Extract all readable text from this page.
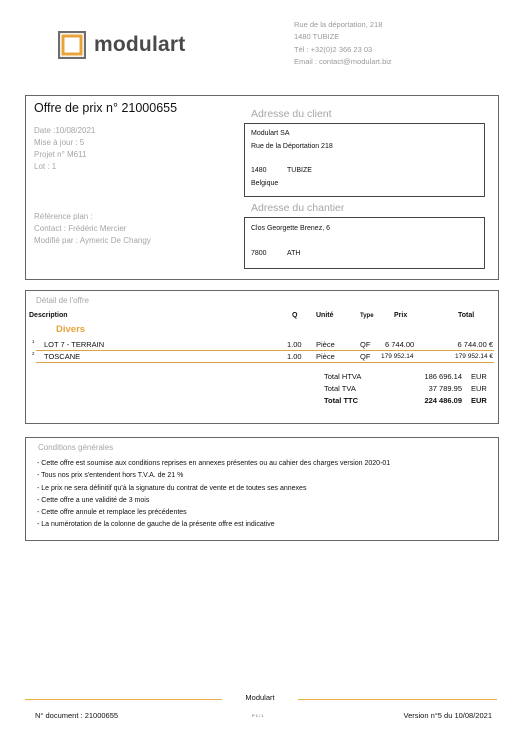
modulart
Rue de la déportation, 218
1480 TUBIZE
Tél : +32(0)2 366 23 03
Email : contact@modulart.biz
Offre de prix n° 21000655
Date :10/08/2021
Mise à jour : 5
Projet n° M611
Lot : 1
Référence plan :
Contact : Frédéric Mercier
Modifié par : Aymeric De Changy
Adresse du client
Modulart SA
Rue de la Déportation 218
1480	TUBIZE
Belgique
Adresse du chantier
Clos Georgette Brenez, 6
7800	ATH
Détail de l'offre
Description	Q	Unité	Type	Prix	Total
Divers
1 LOT 7 - TERRAIN	1.00 Pièce	QF 6 744.00	6 744.00 €
2 TOSCANE	1.00 Pièce	QF 179 952.14	179 952.14 €
Total HTVA	186 696.14 EUR
Total TVA	37 789.95 EUR
Total TTC	224 486.09 EUR
Conditions générales
- Cette offre est soumise aux conditions reprises en annexes présentes ou au cahier des charges version 2020-01
- Tous nos prix s'entendent hors T.V.A. de 21 %
- Le prix ne sera définitif qu'à la signature du contrat de vente et de toutes ses annexes
- Cette offre a une validité de 3 mois
- Cette offre annule et remplace les précédentes
- La numérotation de la colonne de gauche de la présente offre est indicative
Modulart
N° document : 21000655	P 1 / 1	Version n°5 du 10/08/2021
